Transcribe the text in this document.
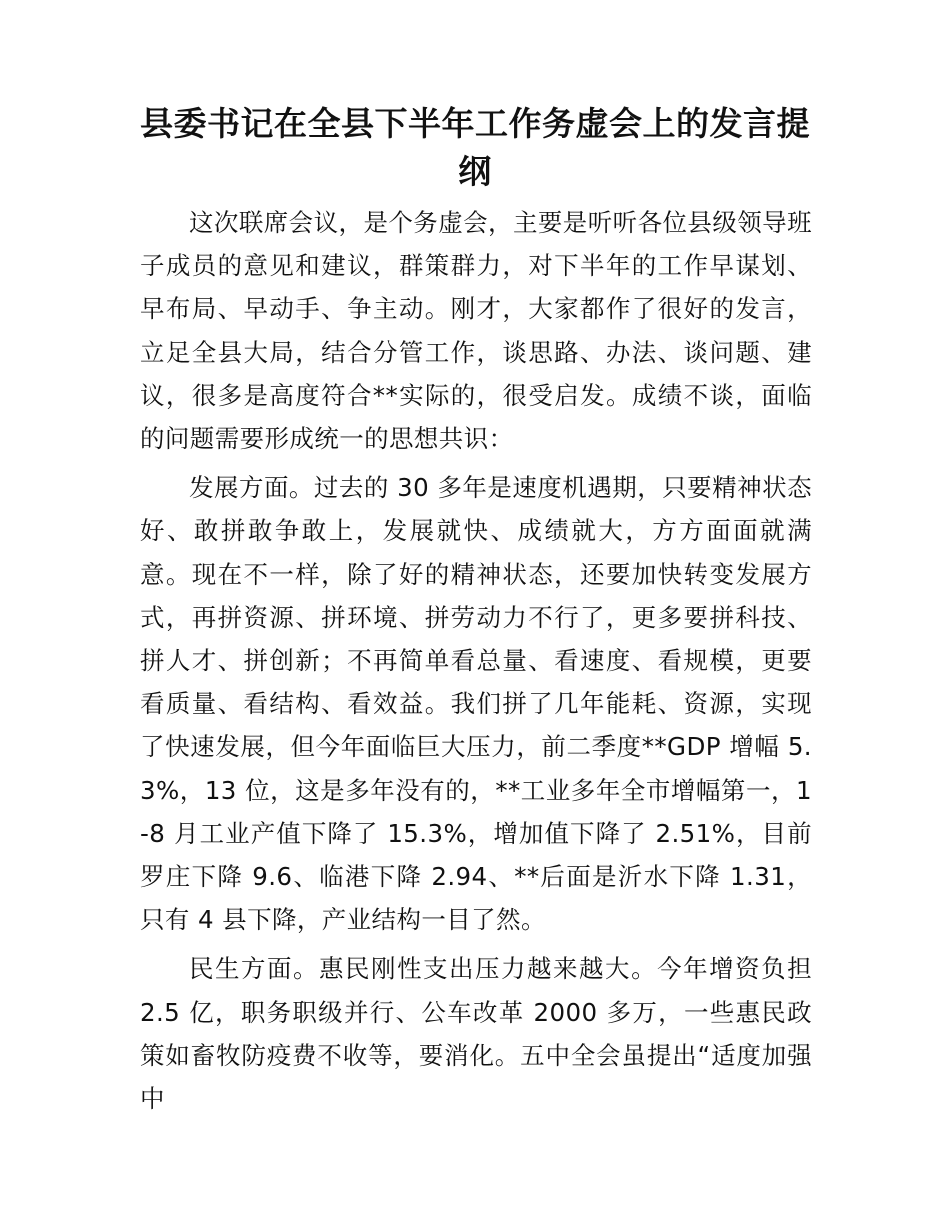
县委书记在全县下半年工作务虚会上的发言提纲

这次联席会议，是个务虚会，主要是听听各位县级领导班子成员的意见和建议，群策群力，对下半年的工作早谋划、早布局、早动手、争主动。刚才，大家都作了很好的发言，立足全县大局，结合分管工作，谈思路、办法、谈问题、建议，很多是高度符合**实际的，很受启发。成绩不谈，面临的问题需要形成统一的思想共识：

发展方面。过去的 30 多年是速度机遇期，只要精神状态好、敢拼敢争敢上，发展就快、成绩就大，方方面面就满意。现在不一样，除了好的精神状态，还要加快转变发展方式，再拼资源、拼环境、拼劳动力不行了，更多要拼科技、拼人才、拼创新；不再简单看总量、看速度、看规模，更要看质量、看结构、看效益。我们拼了几年能耗、资源，实现了快速发展，但今年面临巨大压力，前二季度**GDP 增幅 5.3%，13 位，这是多年没有的，**工业多年全市增幅第一，1-8 月工业产值下降了 15.3%，增加值下降了 2.51%，目前罗庄下降 9.6、临港下降 2.94、**后面是沂水下降 1.31，只有 4 县下降，产业结构一目了然。

民生方面。惠民刚性支出压力越来越大。今年增资负担 2.5 亿，职务职级并行、公车改革 2000 多万，一些惠民政策如畜牧防疫费不收等，要消化。五中全会虽提出“适度加强中
